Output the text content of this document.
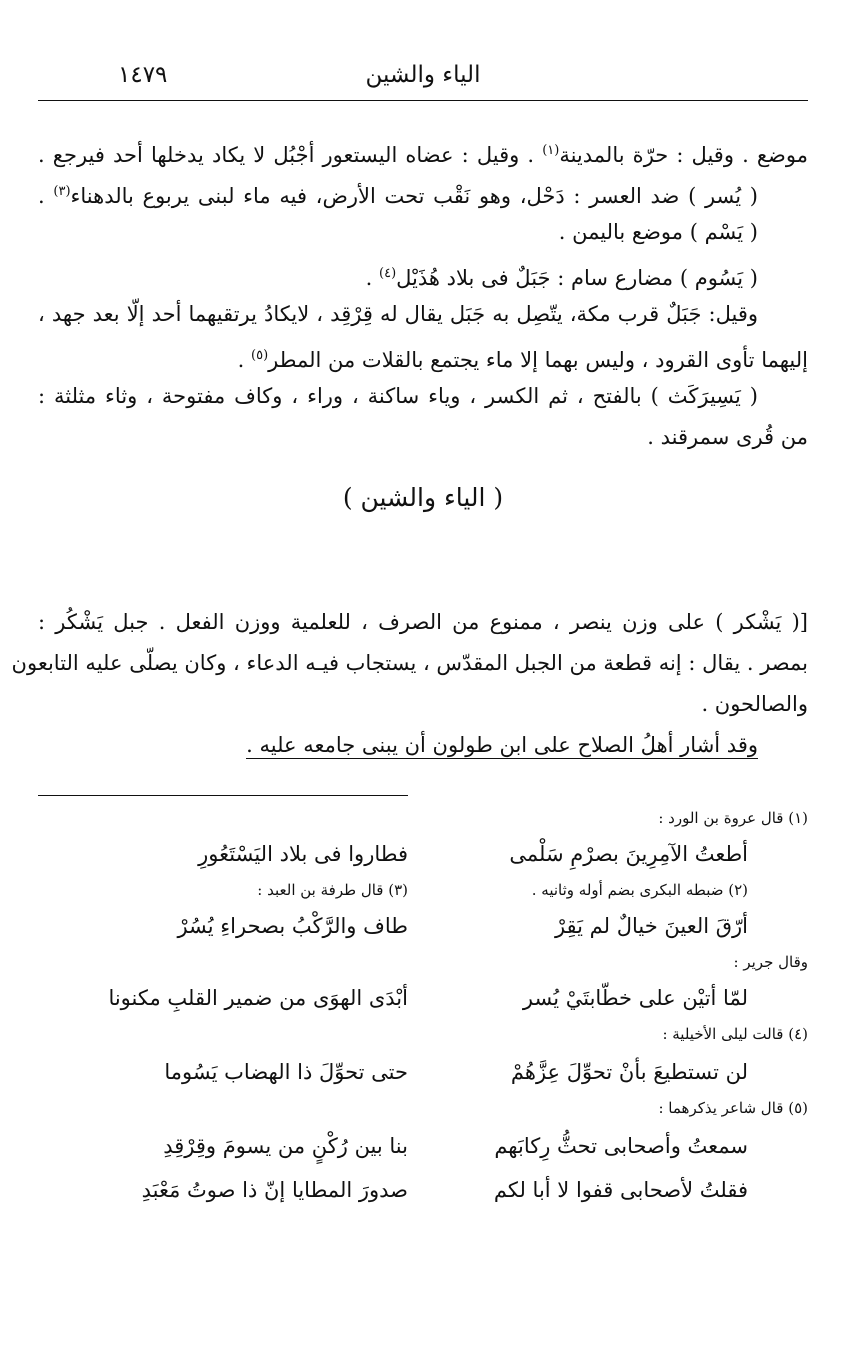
الياء والشين
١٤٧٩
موضع . وقيل : حرّة بالمدينة$^{(١)}$ . وقيل : عضاه اليستعور أجْبُل لا يكاد يدخلها أحد فيرجع .
( يُسر ) ضد العسر : دَحْل، وهو نَقْب تحت الأرض، فيه ماء لبنى يربوع بالدهناء$^{(٣)}$ .
( يَسْم ) موضع باليمن .
( يَسُوم ) مضارع سام : جَبَلٌ فى بلاد هُذَيْل$^{(٤)}$ .
وقيل: جَبَلٌ قرب مكة، يتّصِل به جَبَل يقال له قِرْقِد ، لايكادُ يرتقيهما أحد إلّا بعد جهد ،
إليهما تأوى القرود ، وليس بهما إلا ماء يجتمع بالقلات من المطر$^{(٥)}$ .
( يَسِيرَكَث ) بالفتح ، ثم الكسر ، وياء ساكنة ، وراء ، وكاف مفتوحة ، وثاء مثلثة :
من قُرى سمرقند .
( الياء والشين )
[( يَشْكر ) على وزن ينصر ، ممنوع من الصرف ، للعلمية ووزن الفعل . جبل يَشْكُر :
بمصر . يقال : إنه قطعة من الجبل المقدّس ، يستجاب فيـه الدعاء ، وكان يصلّى عليه التابعون
والصالحون .
وقد أشار أهلُ الصلاح على ابن طولون أن يبنى جامعه عليه .
(١) قال عروة بن الورد :
أطعتُ الآمِرِينَ بصرْمِ سَلْمى
فطاروا فى بلاد اليَسْتَعُورِ
(٢) ضبطه البكرى بضم أوله وثانيه .
(٣) قال طرفة بن العبد :
أرّقَ العينَ خيالٌ لم يَقِرْ
طاف والرَّكْبُ بصحراءِ يُسُرْ
وقال جرير :
لمّا أتيْن على خطّابتَيْ يُسر
أبْدَى الهوَى من ضمير القلبِ مكنونا
(٤) قالت ليلى الأخيلية :
لن تستطيعَ بأنْ تحوِّلَ عِزَّهُمْ
حتى تحوِّلَ ذا الهضاب يَسُوما
(٥) قال شاعر يذكرهما :
سمعتُ وأصحابى تحثُّ رِكابَهم
بنا بين رُكْنٍ من يسومَ وقِرْقِدِ
فقلتُ لأصحابى قفوا لا أبا لكم
صدورَ المطايا إنّ ذا صوتُ مَعْبَدِ
